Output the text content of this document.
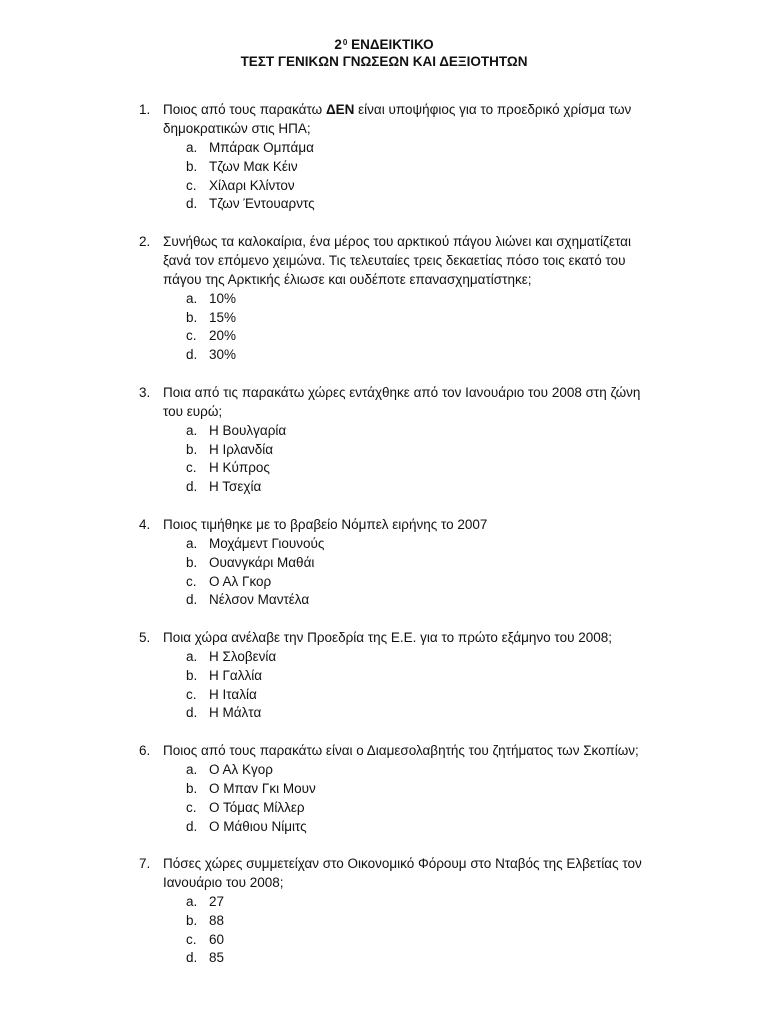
$2^0$ ΕΝΔΕΙΚΤΙΚΟ
ΤΕΣΤ ΓΕΝΙΚΩΝ ΓΝΩΣΕΩΝ ΚΑΙ ΔΕΞΙΟΤΗΤΩΝ
1. Ποιος από τους παρακάτω ΔΕΝ είναι υποψήφιος για το προεδρικό χρίσμα των δημοκρατικών στις ΗΠΑ;
a. Μπάρακ Ομπάμα
b. Τζων Μακ Κέιν
c. Χίλαρι Κλίντον
d. Τζων Έντουαρντς
2. Συνήθως τα καλοκαίρια, ένα μέρος του αρκτικού πάγου λιώνει και σχηματίζεται ξανά τον επόμενο χειμώνα. Τις τελευταίες τρεις δεκαετίας πόσο τοις εκατό του πάγου της Αρκτικής έλιωσε και ουδέποτε επανασχηματίστηκε;
a. 10%
b. 15%
c. 20%
d. 30%
3. Ποια από τις παρακάτω χώρες εντάχθηκε από τον Ιανουάριο του 2008 στη ζώνη του ευρώ;
a. Η Βουλγαρία
b. Η Ιρλανδία
c. Η Κύπρος
d. Η Τσεχία
4. Ποιος τιμήθηκε με το βραβείο Νόμπελ ειρήνης το 2007
a. Μοχάμεντ Γιουνούς
b. Ουανγκάρι Μαθάι
c. Ο Αλ Γκορ
d. Νέλσον Μαντέλα
5. Ποια χώρα ανέλαβε την Προεδρία της Ε.Ε. για το πρώτο εξάμηνο του 2008;
a. Η Σλοβενία
b. Η Γαλλία
c. Η Ιταλία
d. Η Μάλτα
6. Ποιος από τους παρακάτω είναι ο Διαμεσολαβητής του ζητήματος των Σκοπίων;
a. Ο Αλ Κγορ
b. Ο Μπαν Γκι Μουν
c. Ο Τόμας Μίλλερ
d. Ο Μάθιου Νίμιτς
7. Πόσες χώρες συμμετείχαν στο Οικονομικό Φόρουμ στο Νταβός της Ελβετίας τον Ιανουάριο του 2008;
a. 27
b. 88
c. 60
d. 85
